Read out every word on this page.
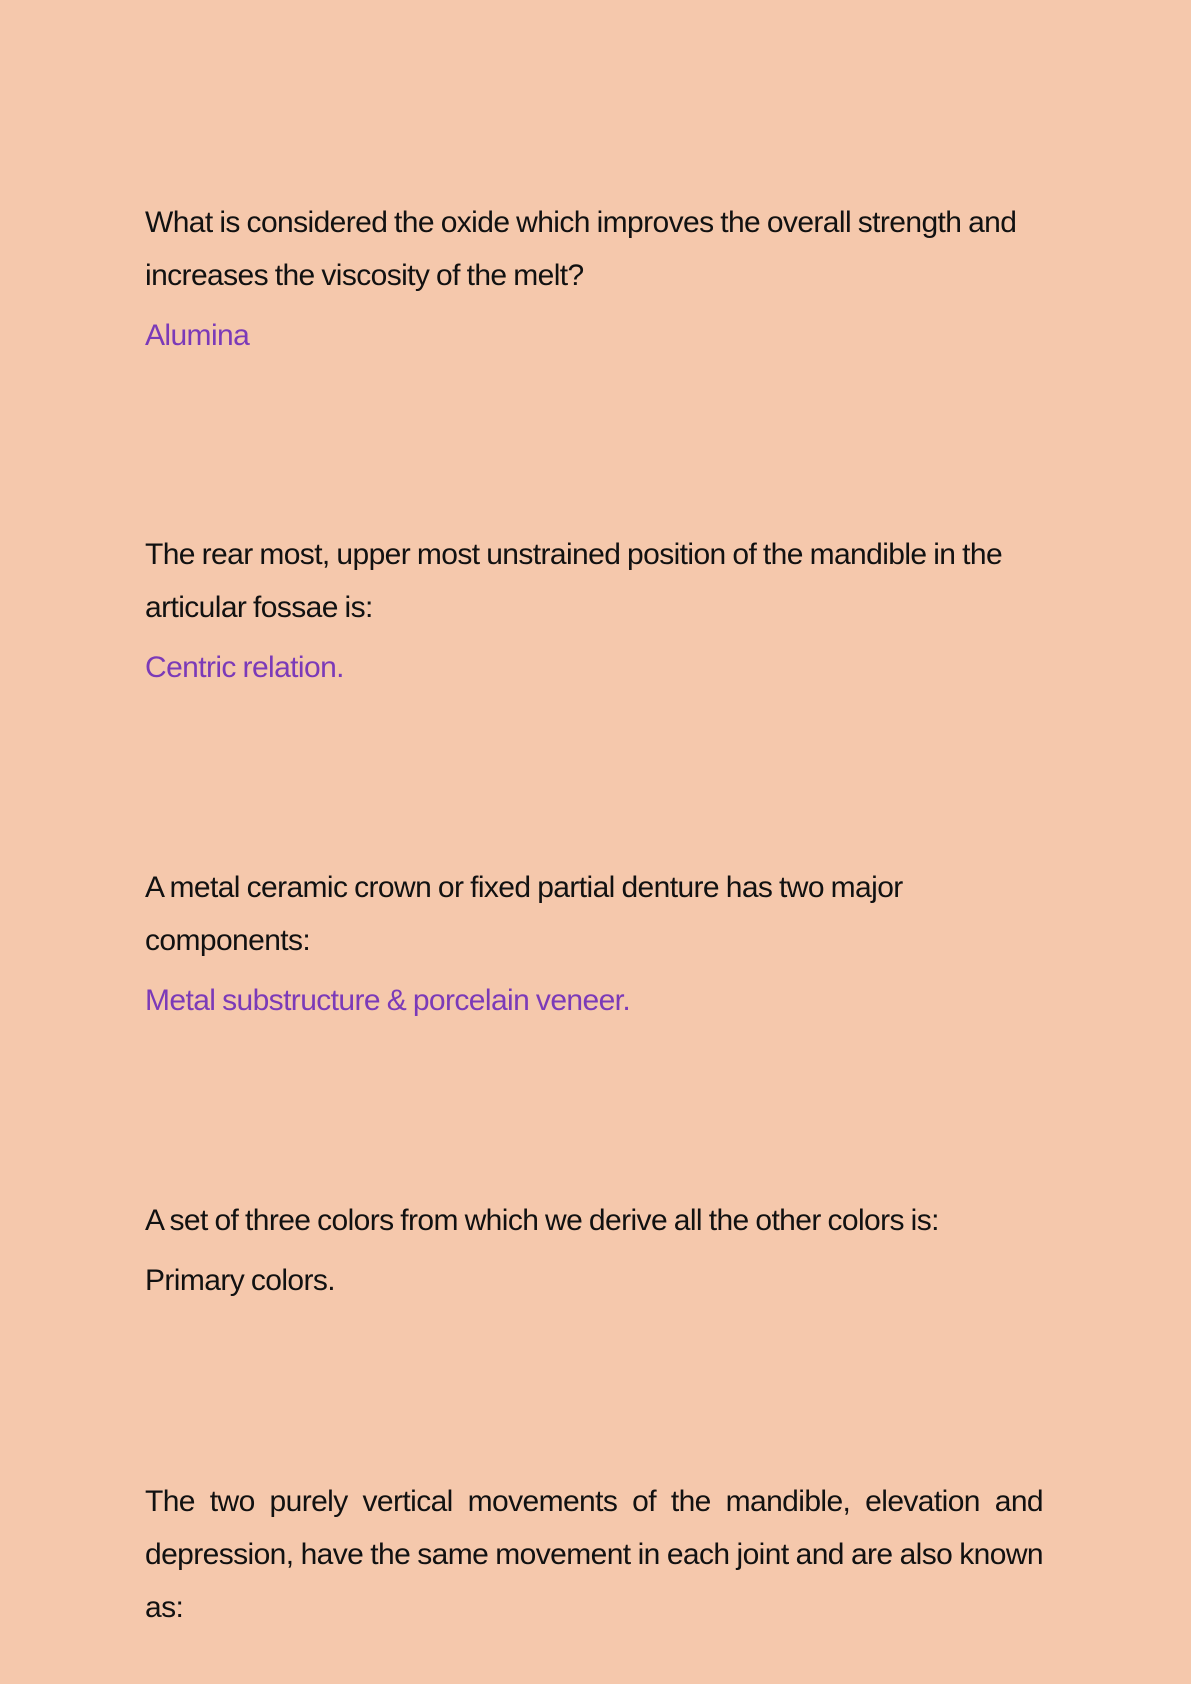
What is considered the oxide which improves the overall strength and increases the viscosity of the melt?

Alumina

The rear most, upper most unstrained position of the mandible in the articular fossae is:

Centric relation.

A metal ceramic crown or fixed partial denture has two major components:

Metal substructure & porcelain veneer.

A set of three colors from which we derive all the other colors is:

Primary colors.

The two purely vertical movements of the mandible, elevation and depression, have the same movement in each joint and are also known as:
